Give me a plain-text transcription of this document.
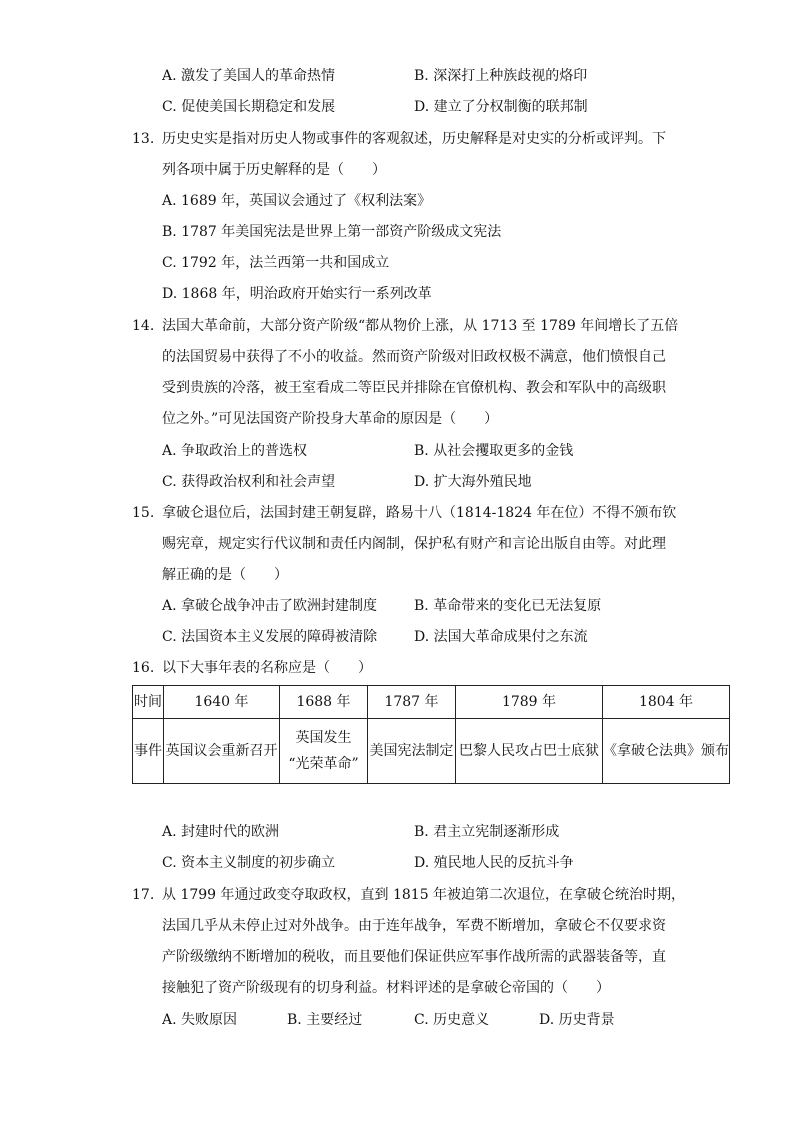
A. 激发了美国人的革命热情	B. 深深打上种族歧视的烙印
C. 促使美国长期稳定和发展	D. 建立了分权制衡的联邦制
13. 历史史实是指对历史人物或事件的客观叙述，历史解释是对史实的分析或评判。下
列各项中属于历史解释的是（　　）
A. 1689 年，英国议会通过了《权利法案》
B. 1787 年美国宪法是世界上第一部资产阶级成文宪法
C. 1792 年，法兰西第一共和国成立
D. 1868 年，明治政府开始实行一系列改革
14. 法国大革命前，大部分资产阶级“都从物价上涨，从 1713 至 1789 年间增长了五倍
的法国贸易中获得了不小的收益。然而资产阶级对旧政权极不满意，他们愤恨自己
受到贵族的冷落，被王室看成二等臣民并排除在官僚机构、教会和军队中的高级职
位之外。”可见法国资产阶投身大革命的原因是（　　）
A. 争取政治上的普选权	B. 从社会攫取更多的金钱
C. 获得政治权利和社会声望	D. 扩大海外殖民地
15. 拿破仑退位后，法国封建王朝复辟，路易十八（1814-1824 年在位）不得不颁布钦
赐宪章，规定实行代议制和责任内阁制，保护私有财产和言论出版自由等。对此理
解正确的是（　　）
A. 拿破仑战争冲击了欧洲封建制度	B. 革命带来的变化已无法复原
C. 法国资本主义发展的障碍被清除	D. 法国大革命成果付之东流
16. 以下大事年表的名称应是（　　）
时间	1640 年	1688 年	1787 年	1789 年	1804 年
事件	英国议会重新召开	英国发生
“光荣革命”	美国宪法制定	巴黎人民攻占巴士底狱	《拿破仑法典》颁布
A. 封建时代的欧洲	B. 君主立宪制逐渐形成
C. 资本主义制度的初步确立	D. 殖民地人民的反抗斗争
17. 从 1799 年通过政变夺取政权，直到 1815 年被迫第二次退位，在拿破仑统治时期，
法国几乎从未停止过对外战争。由于连年战争，军费不断增加，拿破仑不仅要求资
产阶级缴纳不断增加的税收，而且要他们保证供应军事作战所需的武器装备等，直
接触犯了资产阶级现有的切身利益。材料评述的是拿破仑帝国的（　　）
A. 失败原因	B. 主要经过	C. 历史意义	D. 历史背景
